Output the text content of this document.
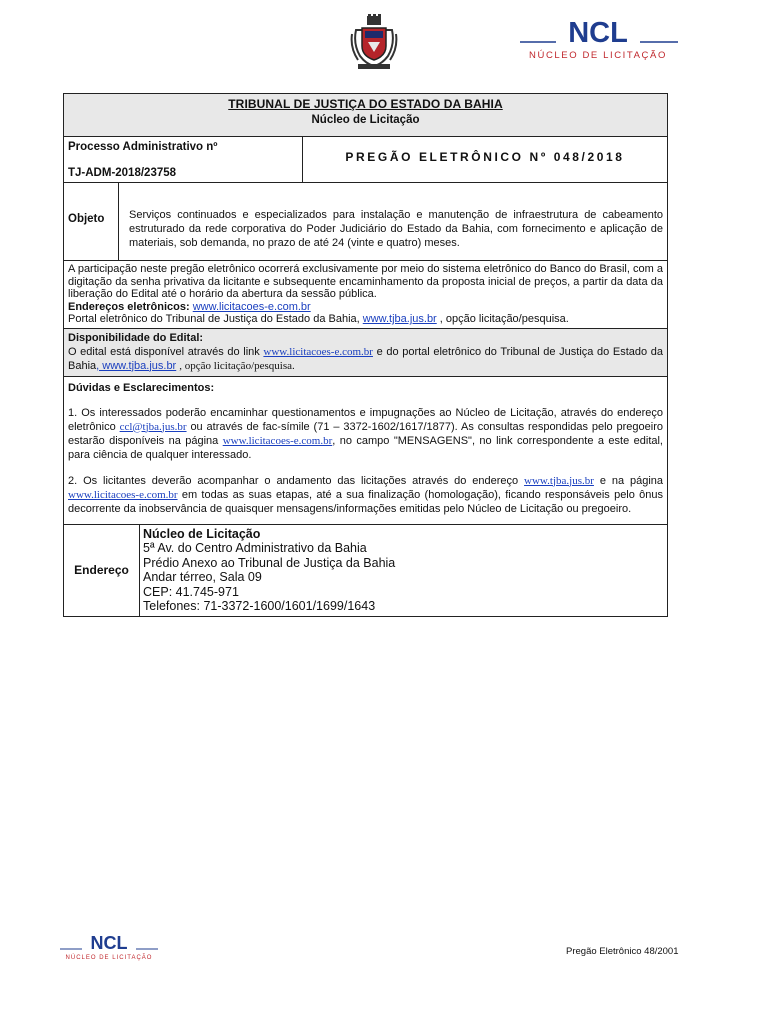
NCL
NÚCLEO DE LICITAÇÃO
TRIBUNAL DE JUSTIÇA DO ESTADO DA BAHIA
Núcleo de Licitação
Processo Administrativo nº
TJ-ADM-2018/23758
PREGÃO ELETRÔNICO Nº 048/2018
Objeto	Serviços continuados e especializados para instalação e manutenção de infraestrutura de cabeamento estruturado da rede corporativa do Poder Judiciário do Estado da Bahia, com fornecimento e aplicação de materiais, sob demanda, no prazo de até 24 (vinte e quatro) meses.
A participação neste pregão eletrônico ocorrerá exclusivamente por meio do sistema eletrônico do Banco do Brasil, com a digitação da senha privativa da licitante e subsequente encaminhamento da proposta inicial de preços, a partir da data da liberação do Edital até o horário da abertura da sessão pública.
Endereços eletrônicos: www.licitacoes-e.com.br
Portal eletrônico do Tribunal de Justiça do Estado da Bahia, www.tjba.jus.br , opção licitação/pesquisa.
Disponibilidade do Edital:
O edital está disponível através do link www.licitacoes-e.com.br e do portal eletrônico do Tribunal de Justiça do Estado da Bahia, www.tjba.jus.br , opção licitação/pesquisa.
Dúvidas e Esclarecimentos:

1. Os interessados poderão encaminhar questionamentos e impugnações ao Núcleo de Licitação, através do endereço eletrônico ccl@tjba.jus.br ou através de fac-símile (71 – 3372-1602/1617/1877). As consultas respondidas pelo pregoeiro estarão disponíveis na página www.licitacoes-e.com.br, no campo "MENSAGENS", no link correspondente a este edital, para ciência de qualquer interessado.

2. Os licitantes deverão acompanhar o andamento das licitações através do endereço www.tjba.jus.br e na página www.licitacoes-e.com.br em todas as suas etapas, até a sua finalização (homologação), ficando responsáveis pelo ônus decorrente da inobservância de quaisquer mensagens/informações emitidas pelo Núcleo de Licitação ou pregoeiro.

Endereço
Núcleo de Licitação
5ª Av. do Centro Administrativo da Bahia
Prédio Anexo ao Tribunal de Justiça da Bahia
Andar térreo, Sala 09
CEP: 41.745-971
Telefones: 71-3372-1600/1601/1699/1643
NCL
NÚCLEO DE LICITAÇÃO
Pregão Eletrônico 48/2001
